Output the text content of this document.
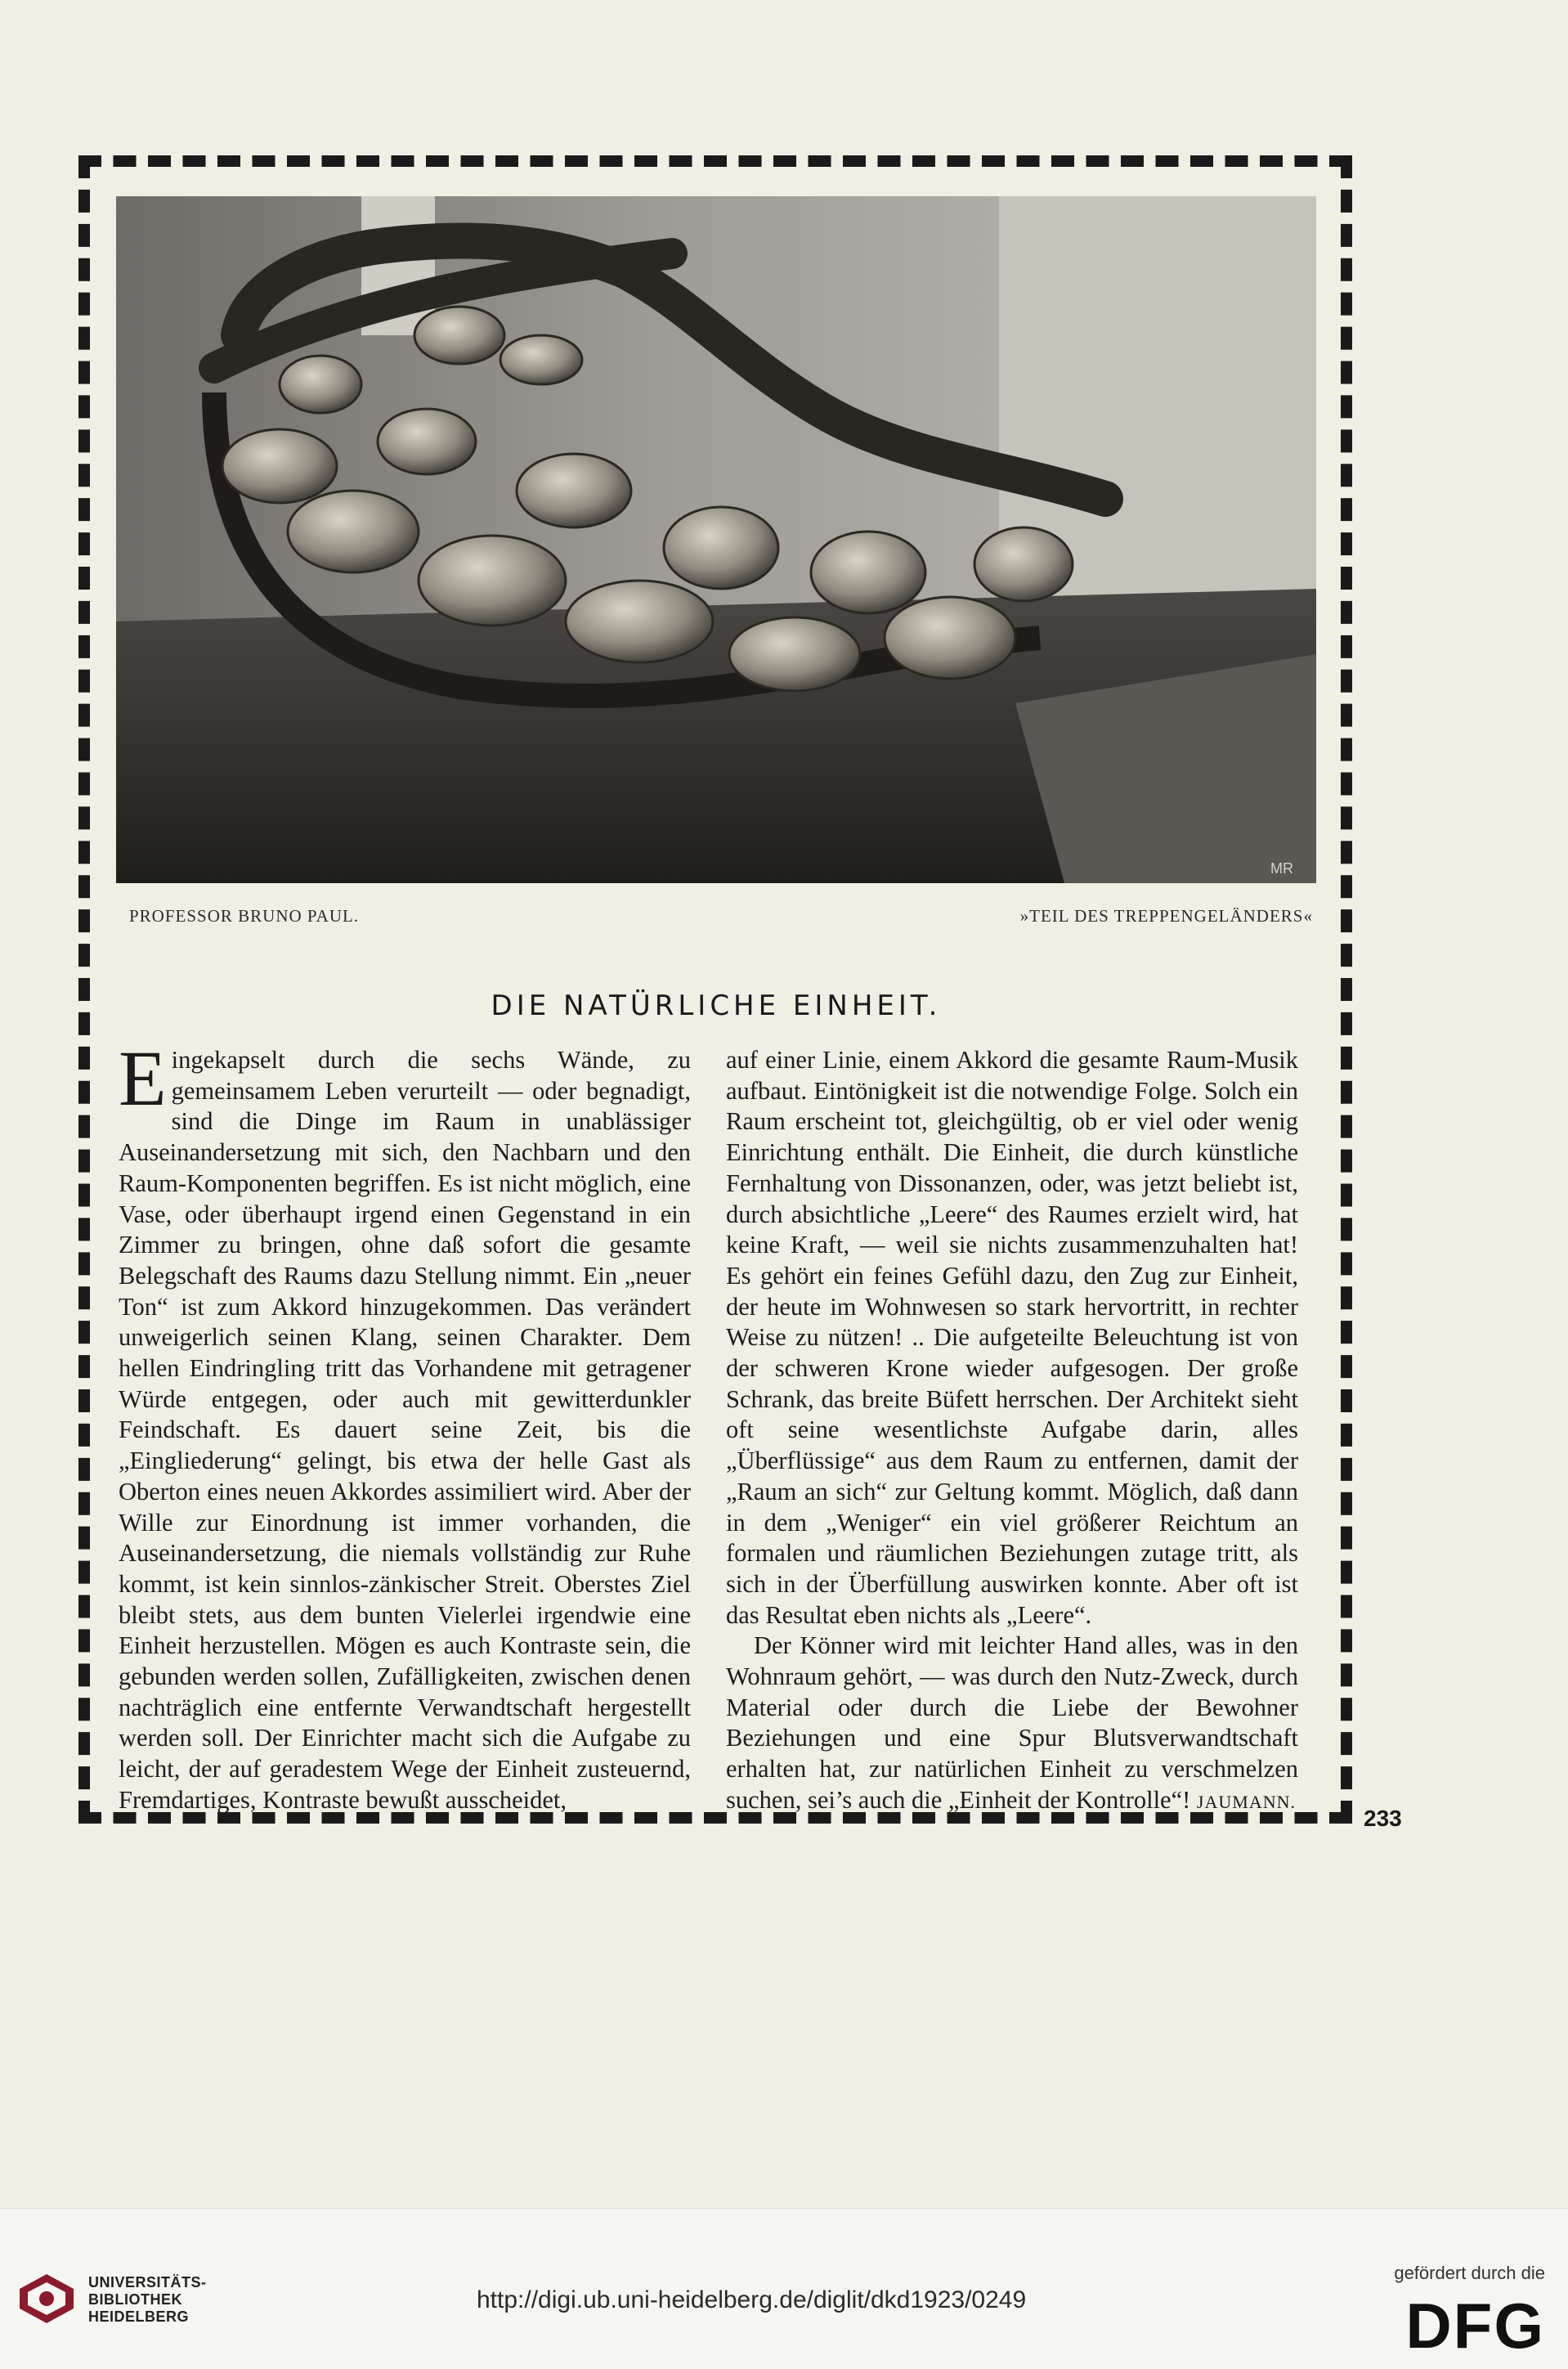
MR
PROFESSOR BRUNO PAUL.	»TEIL DES TREPPENGELÄNDERS«
DIE NATÜRLICHE EINHEIT.

Eingekapselt durch die sechs Wände, zu gemeinsamem Leben verurteilt — oder begnadigt, sind die Dinge im Raum in unablässiger Auseinandersetzung mit sich, den Nachbarn und den Raum-Komponenten begriffen. Es ist nicht möglich, eine Vase, oder überhaupt irgend einen Gegenstand in ein Zimmer zu bringen, ohne daß sofort die gesamte Belegschaft des Raums dazu Stellung nimmt. Ein „neuer Ton“ ist zum Akkord hinzugekommen. Das verändert unweigerlich seinen Klang, seinen Charakter. Dem hellen Eindringling tritt das Vorhandene mit getragener Würde entgegen, oder auch mit gewitterdunkler Feindschaft. Es dauert seine Zeit, bis die „Eingliederung“ gelingt, bis etwa der helle Gast als Oberton eines neuen Akkordes assimiliert wird. Aber der Wille zur Einordnung ist immer vorhanden, die Auseinandersetzung, die niemals vollständig zur Ruhe kommt, ist kein sinnlos-zänkischer Streit. Oberstes Ziel bleibt stets, aus dem bunten Vielerlei irgendwie eine Einheit herzustellen. Mögen es auch Kontraste sein, die gebunden werden sollen, Zufälligkeiten, zwischen denen nachträglich eine entfernte Verwandtschaft hergestellt werden soll. Der Einrichter macht sich die Aufgabe zu leicht, der auf geradestem Wege der Einheit zusteuernd, Fremdartiges, Kontraste bewußt ausscheidet,

auf einer Linie, einem Akkord die gesamte Raum-Musik aufbaut. Eintönigkeit ist die notwendige Folge. Solch ein Raum erscheint tot, gleichgültig, ob er viel oder wenig Einrichtung enthält. Die Einheit, die durch künstliche Fernhaltung von Dissonanzen, oder, was jetzt beliebt ist, durch absichtliche „Leere“ des Raumes erzielt wird, hat keine Kraft, — weil sie nichts zusammenzuhalten hat! Es gehört ein feines Gefühl dazu, den Zug zur Einheit, der heute im Wohnwesen so stark hervortritt, in rechter Weise zu nützen! .. Die aufgeteilte Beleuchtung ist von der schweren Krone wieder aufgesogen. Der große Schrank, das breite Büfett herrschen. Der Architekt sieht oft seine wesentlichste Aufgabe darin, alles „Überflüssige“ aus dem Raum zu entfernen, damit der „Raum an sich“ zur Geltung kommt. Möglich, daß dann in dem „Weniger“ ein viel größerer Reichtum an formalen und räumlichen Beziehungen zutage tritt, als sich in der Überfüllung auswirken konnte. Aber oft ist das Resultat eben nichts als „Leere“.

Der Könner wird mit leichter Hand alles, was in den Wohnraum gehört, — was durch den Nutz-Zweck, durch Material oder durch die Liebe der Bewohner Beziehungen und eine Spur Blutsverwandtschaft erhalten hat, zur natürlichen Einheit zu verschmelzen suchen, sei’s auch die „Einheit der Kontrolle“! JAUMANN.

233
UNIVERSITÄTS-
BIBLIOTHEK
HEIDELBERG
http://digi.ub.uni-heidelberg.de/diglit/dkd1923/0249
gefördert durch die
DFG
